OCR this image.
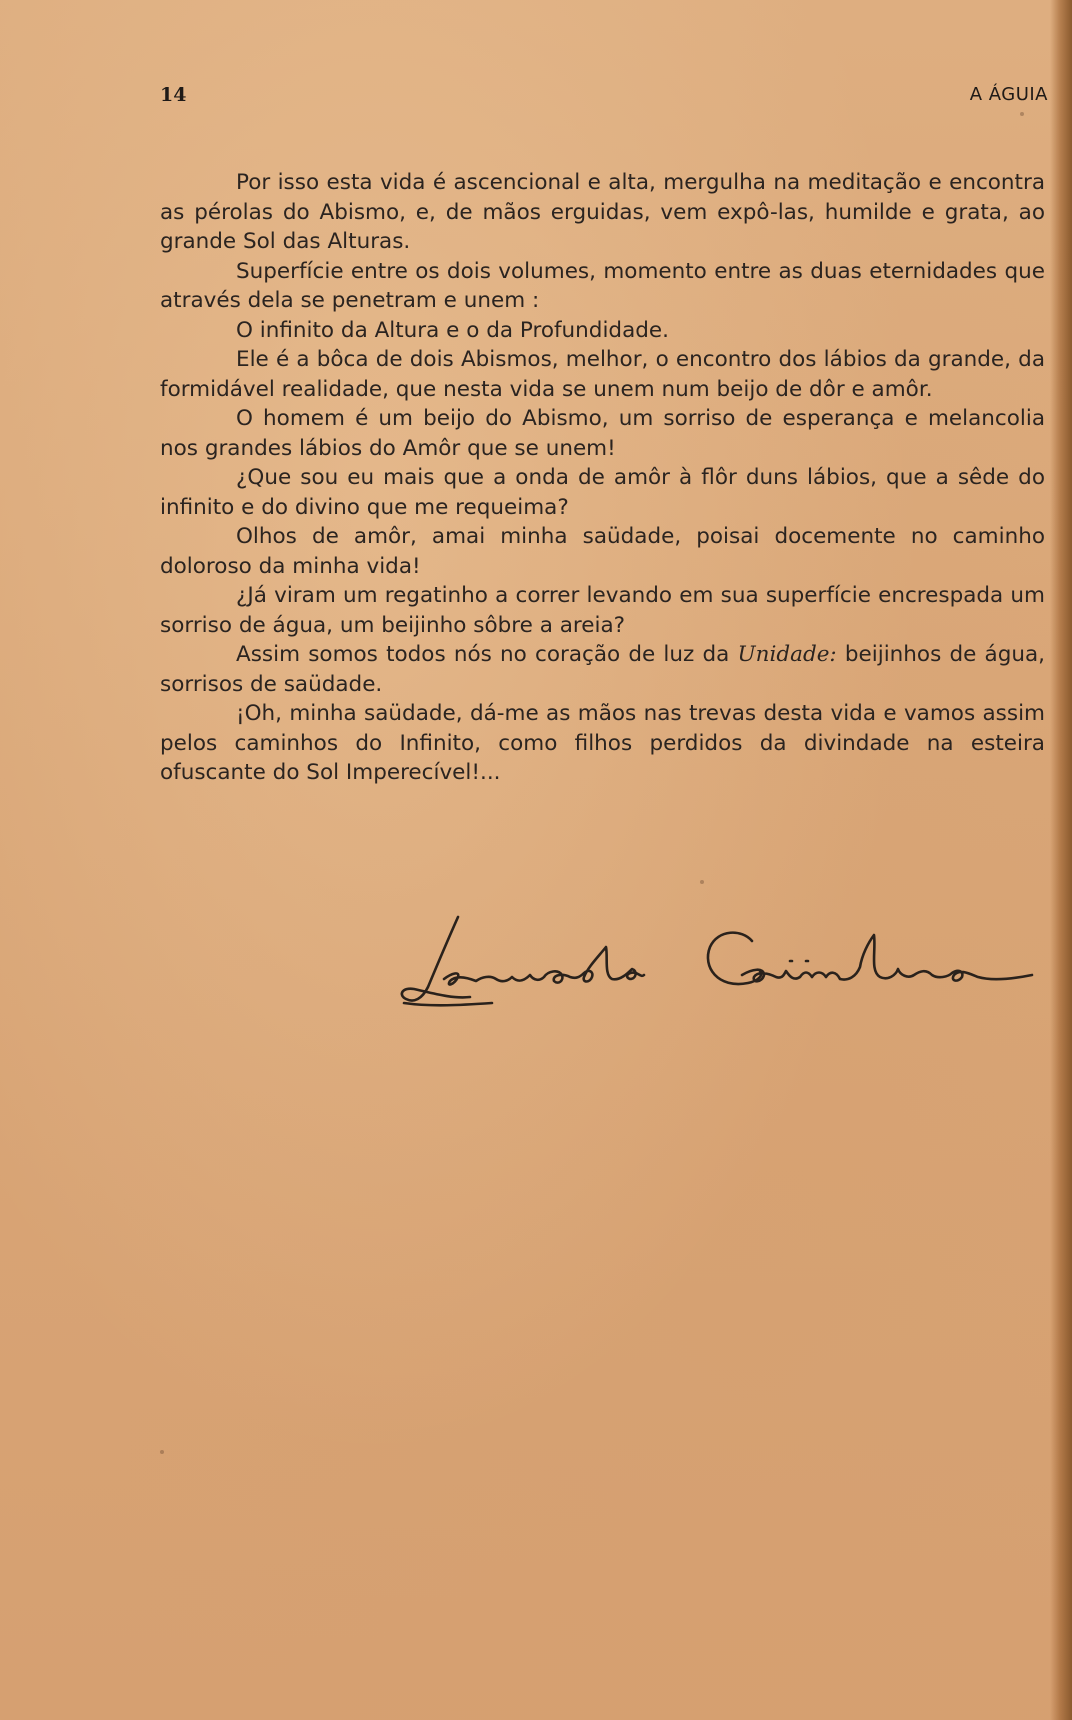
14	A ÁGUIA

Por isso esta vida é ascencional e alta, mergulha na meditação e encontra as pérolas do Abismo, e, de mãos erguidas, vem expô-las, humilde e grata, ao grande Sol das Alturas.

Superfície entre os dois volumes, momento entre as duas eternidades que através dela se penetram e unem :

O infinito da Altura e o da Profundidade.

Ele é a bôca de dois Abismos, melhor, o encontro dos lábios da grande, da formidável realidade, que nesta vida se unem num beijo de dôr e amôr.

O homem é um beijo do Abismo, um sorriso de esperança e melancolia nos grandes lábios do Amôr que se unem!

¿Que sou eu mais que a onda de amôr à flôr duns lábios, que a sêde do infinito e do divino que me requeima?

Olhos de amôr, amai minha saüdade, poisai docemente no caminho doloroso da minha vida!

¿Já viram um regatinho a correr levando em sua superfície encrespada um sorriso de água, um beijinho sôbre a areia?

Assim somos todos nós no coração de luz da Unidade: beijinhos de água, sorrisos de saüdade.

¡Oh, minha saüdade, dá-me as mãos nas trevas desta vida e vamos assim pelos caminhos do Infinito, como filhos perdidos da divindade na esteira ofuscante do Sol Imperecível!...
